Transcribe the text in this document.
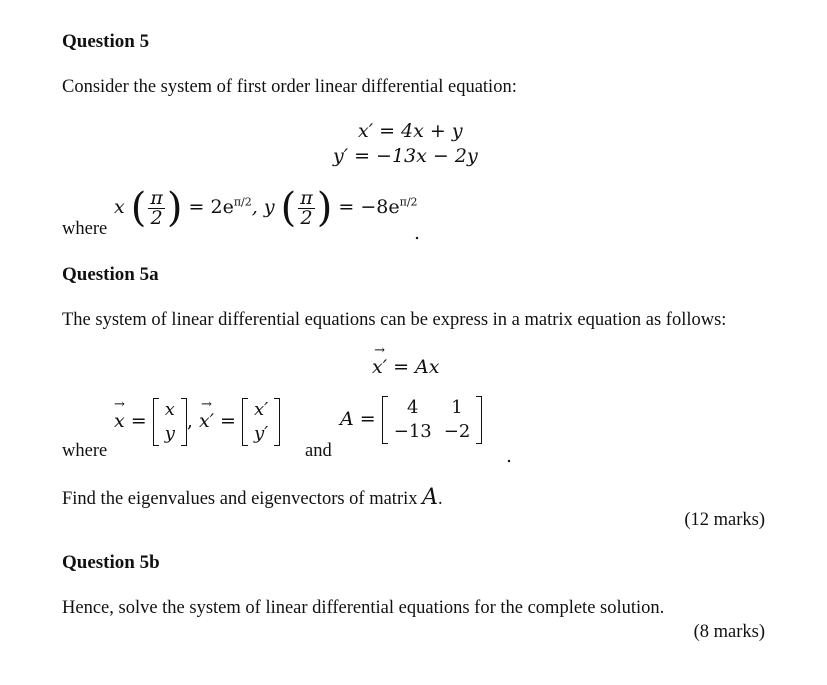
Question 5
Consider the system of first order linear differential equation:
x′ = 4x + y
y′ = −13x − 2y
where
x ( $\frac{\pi}{2}$ ) = $2e^{\pi/2}$, y ( $\frac{\pi}{2}$ ) = $-8e^{\pi/2}$
.
Question 5a
The system of linear differential equations can be express in a matrix equation as follows:
→ x′ = Ax
where
→ x =
x
y
, → x′ =
x′
y′
and
A =
4	1
−13	−2
.
Find the eigenvalues and eigenvectors of matrix A.
(12 marks)
Question 5b
Hence, solve the system of linear differential equations for the complete solution.
(8 marks)
